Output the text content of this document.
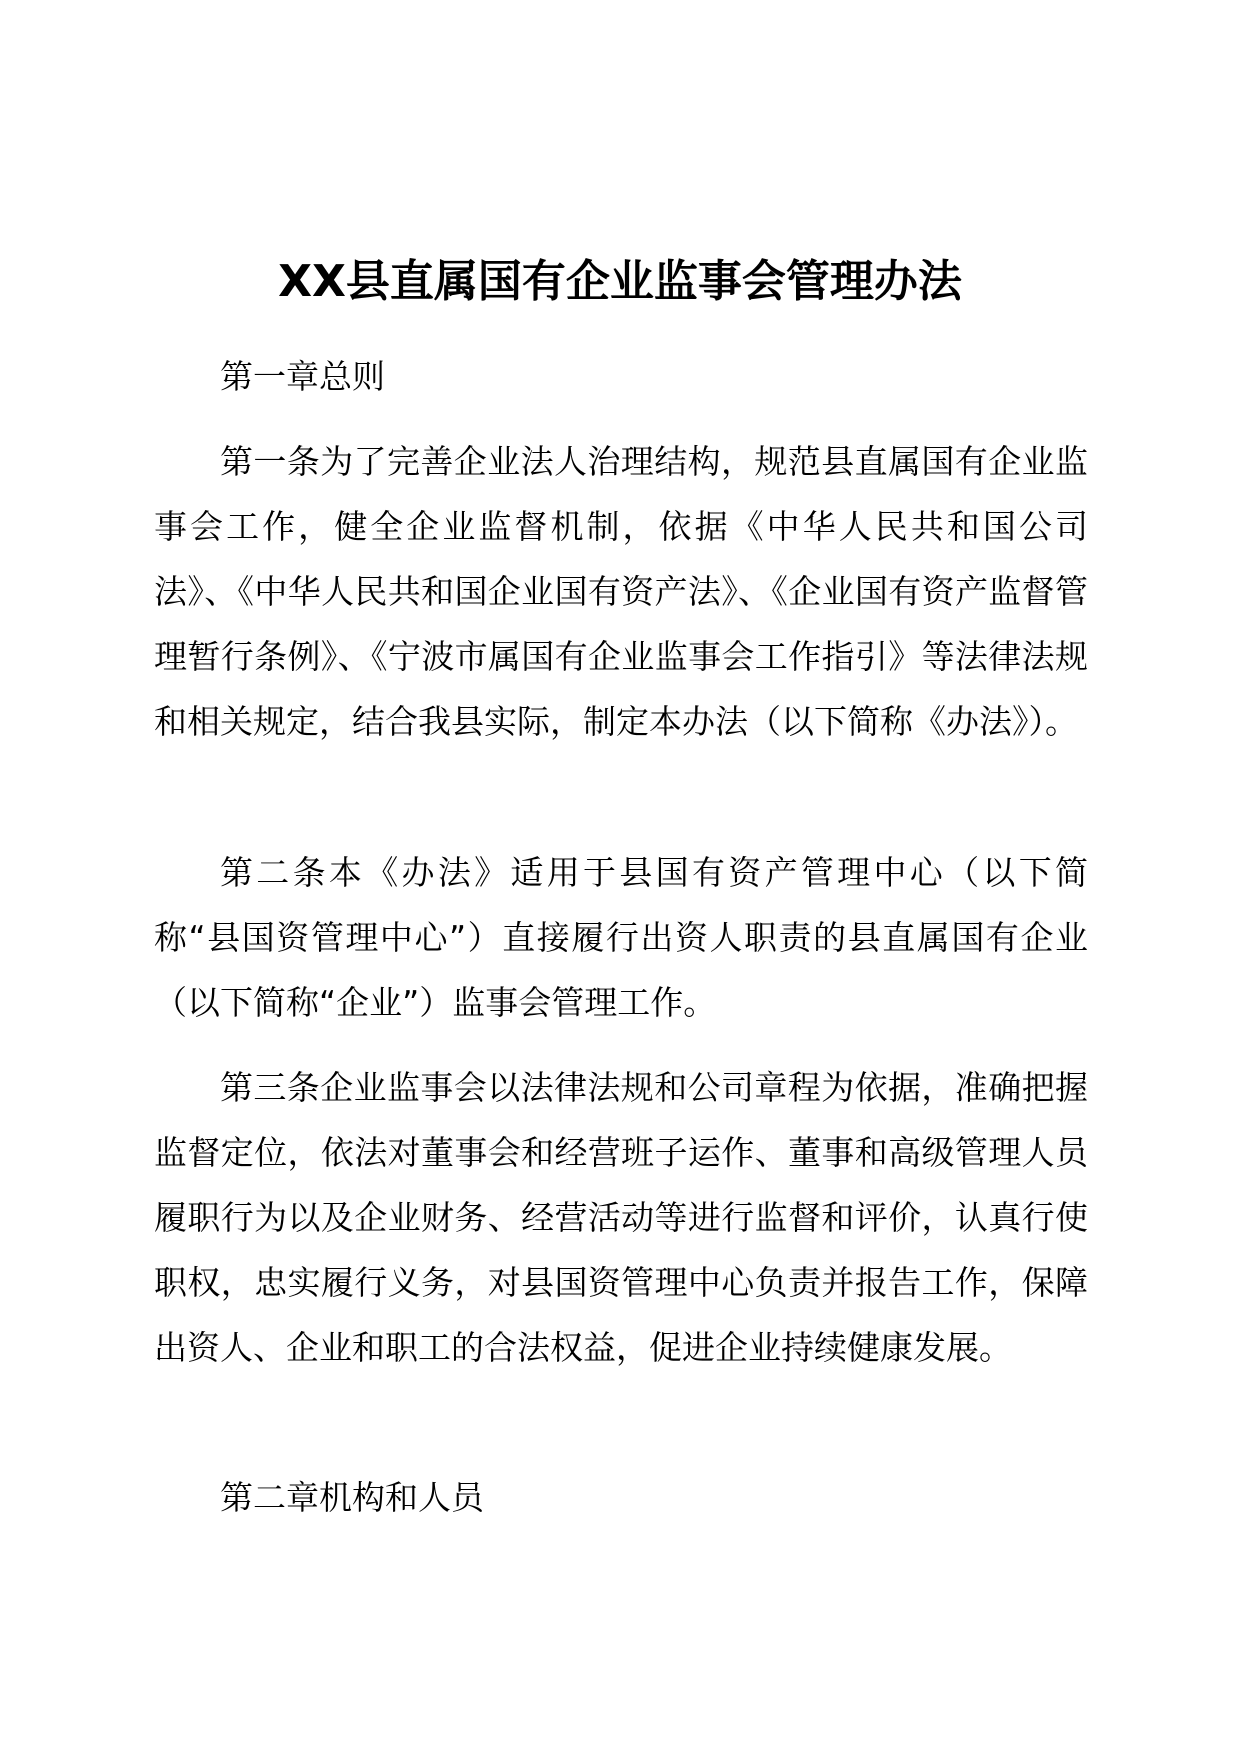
XX县直属国有企业监事会管理办法

第一章总则

第一条为了完善企业法人治理结构，规范县直属国有企业监事会工作，健全企业监督机制，依据《中华人民共和国公司法》、《中华人民共和国企业国有资产法》、《企业国有资产监督管理暂行条例》、《宁波市属国有企业监事会工作指引》等法律法规和相关规定，结合我县实际，制定本办法（以下简称《办法》）。

第二条本《办法》适用于县国有资产管理中心（以下简称“县国资管理中心”）直接履行出资人职责的县直属国有企业（以下简称“企业”）监事会管理工作。

第三条企业监事会以法律法规和公司章程为依据，准确把握监督定位，依法对董事会和经营班子运作、董事和高级管理人员履职行为以及企业财务、经营活动等进行监督和评价，认真行使职权，忠实履行义务，对县国资管理中心负责并报告工作，保障出资人、企业和职工的合法权益，促进企业持续健康发展。

第二章机构和人员
